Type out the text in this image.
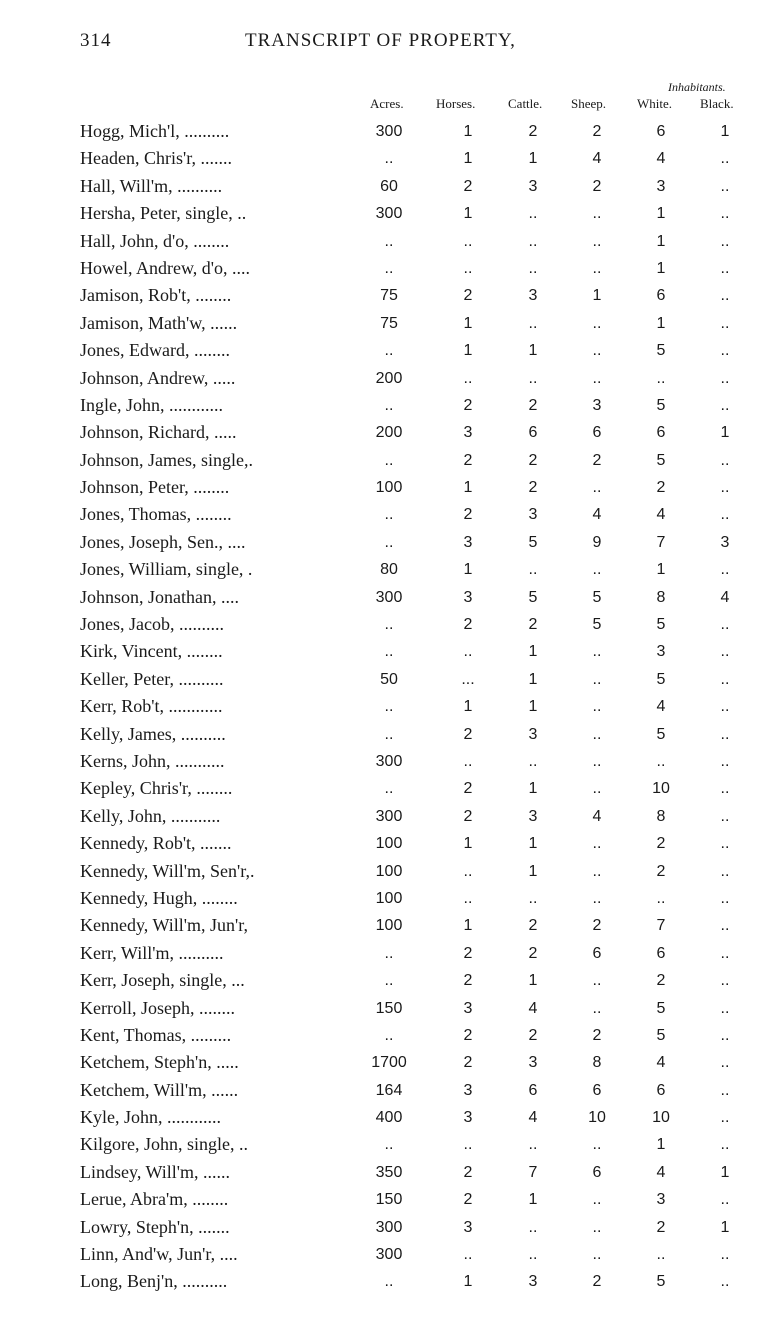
314	TRANSCRIPT OF PROPERTY,
Inhabitants.
Acres. Horses.	Cattle. Sheep. White. Black.
Hogg, Mich'l, ..........	300	1	2	2	6	1
Headen, Chris'r, .......	..	1	1	4	4	..
Hall, Will'm, ..........	60	2	3	2	3	..
Hersha, Peter, single, ..	300	1	..	..	1	..
Hall, John, d'o, ........	..	..	..	..	1	..
Howel, Andrew, d'o, ....	..	..	..	..	1	..
Jamison, Rob't, ........	75	2	3	1	6	..
Jamison, Math'w, ......	75	1	..	..	1	..
Jones, Edward, ........	..	1	1	..	5	..
Johnson, Andrew, .....	200	..	..	..	..	..
Ingle, John, ............	..	2	2	3	5	..
Johnson, Richard, .....	200	3	6	6	6	1
Johnson, James, single,.	..	2	2	2	5	..
Johnson, Peter, ........	100	1	2	..	2	..
Jones, Thomas, ........	..	2	3	4	4	..
Jones, Joseph, Sen., ....	..	3	5	9	7	3
Jones, William, single, .	80	1	..	..	1	..
Johnson, Jonathan, ....	300	3	5	5	8	4
Jones, Jacob, ..........	..	2	2	5	5	..
Kirk, Vincent, ........	..	..	1	..	3	..
Keller, Peter, ..........	50	...	1	..	5	..
Kerr, Rob't, ............	..	1	1	..	4	..
Kelly, James, ..........	..	2	3	..	5	..
Kerns, John, ...........	300	..	..	..	..	..
Kepley, Chris'r, ........	..	2	1	..	10	..
Kelly, John, ...........	300	2	3	4	8	..
Kennedy, Rob't, .......	100	1	1	..	2	..
Kennedy, Will'm, Sen'r,.	100	..	1	..	2	..
Kennedy, Hugh, ........	100	..	..	..	..	..
Kennedy, Will'm, Jun'r,	100	1	2	2	7	..
Kerr, Will'm, ..........	..	2	2	6	6	..
Kerr, Joseph, single, ...	..	2	1	..	2	..
Kerroll, Joseph, ........	150	3	4	..	5	..
Kent, Thomas, .........	..	2	2	2	5	..
Ketchem, Steph'n, .....	1700	2	3	8	4	..
Ketchem, Will'm, ......	164	3	6	6	6	..
Kyle, John, ............	400	3	4	10	10	..
Kilgore, John, single, ..	..	..	..	..	1	..
Lindsey, Will'm, ......	350	2	7	6	4	1
Lerue, Abra'm, ........	150	2	1	..	3	..
Lowry, Steph'n, .......	300	3	..	..	2	1
Linn, And'w, Jun'r, ....	300	..	..	..	..	..
Long, Benj'n, ..........	..	1	3	2	5	..
